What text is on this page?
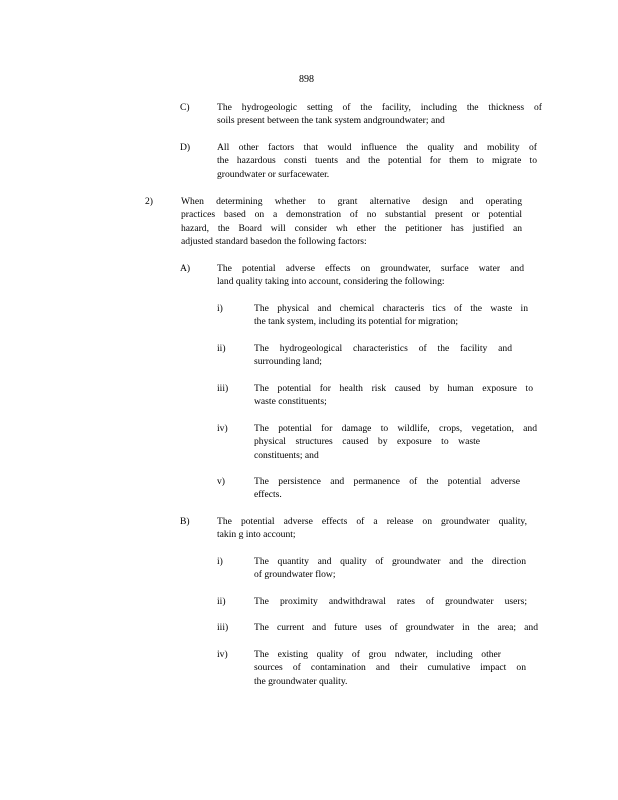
898
C)	The hydrogeologic setting of the facility, including the thickness of
soils present between the tank system andgroundwater; and
D)	All other factors that would influence the quality and mobility of
the hazardous consti tuents and the potential for them to migrate to
groundwater or surfacewater.
2)	When determining whether to grant alternative design and operating
practices based on a demonstration of no substantial present or potential
hazard, the Board will consider wh ether the petitioner has justified an
adjusted standard basedon the following factors:
A)	The potential adverse effects on groundwater, surface water and
land quality taking into account, considering the following:
i)	The physical and chemical characteris tics of the waste in
the tank system, including its potential for migration;
ii)	The hydrogeological characteristics of the facility and
surrounding land;
iii)	The potential for health risk caused by human exposure to
waste constituents;
iv)	The potential for damage to wildlife, crops, vegetation, and
physical structures caused by exposure to waste
constituents; and
v)	The persistence and permanence of the potential adverse
effects.
B)	The potential adverse effects of a release on groundwater quality,
takin g into account;
i)	The quantity and quality of groundwater and the direction
of groundwater flow;
ii)	The proximity andwithdrawal rates of groundwater users;
iii)	The current and future uses of groundwater in the area; and
iv)	The existing quality of grou ndwater, including other
sources of contamination and their cumulative impact on
the groundwater quality.
